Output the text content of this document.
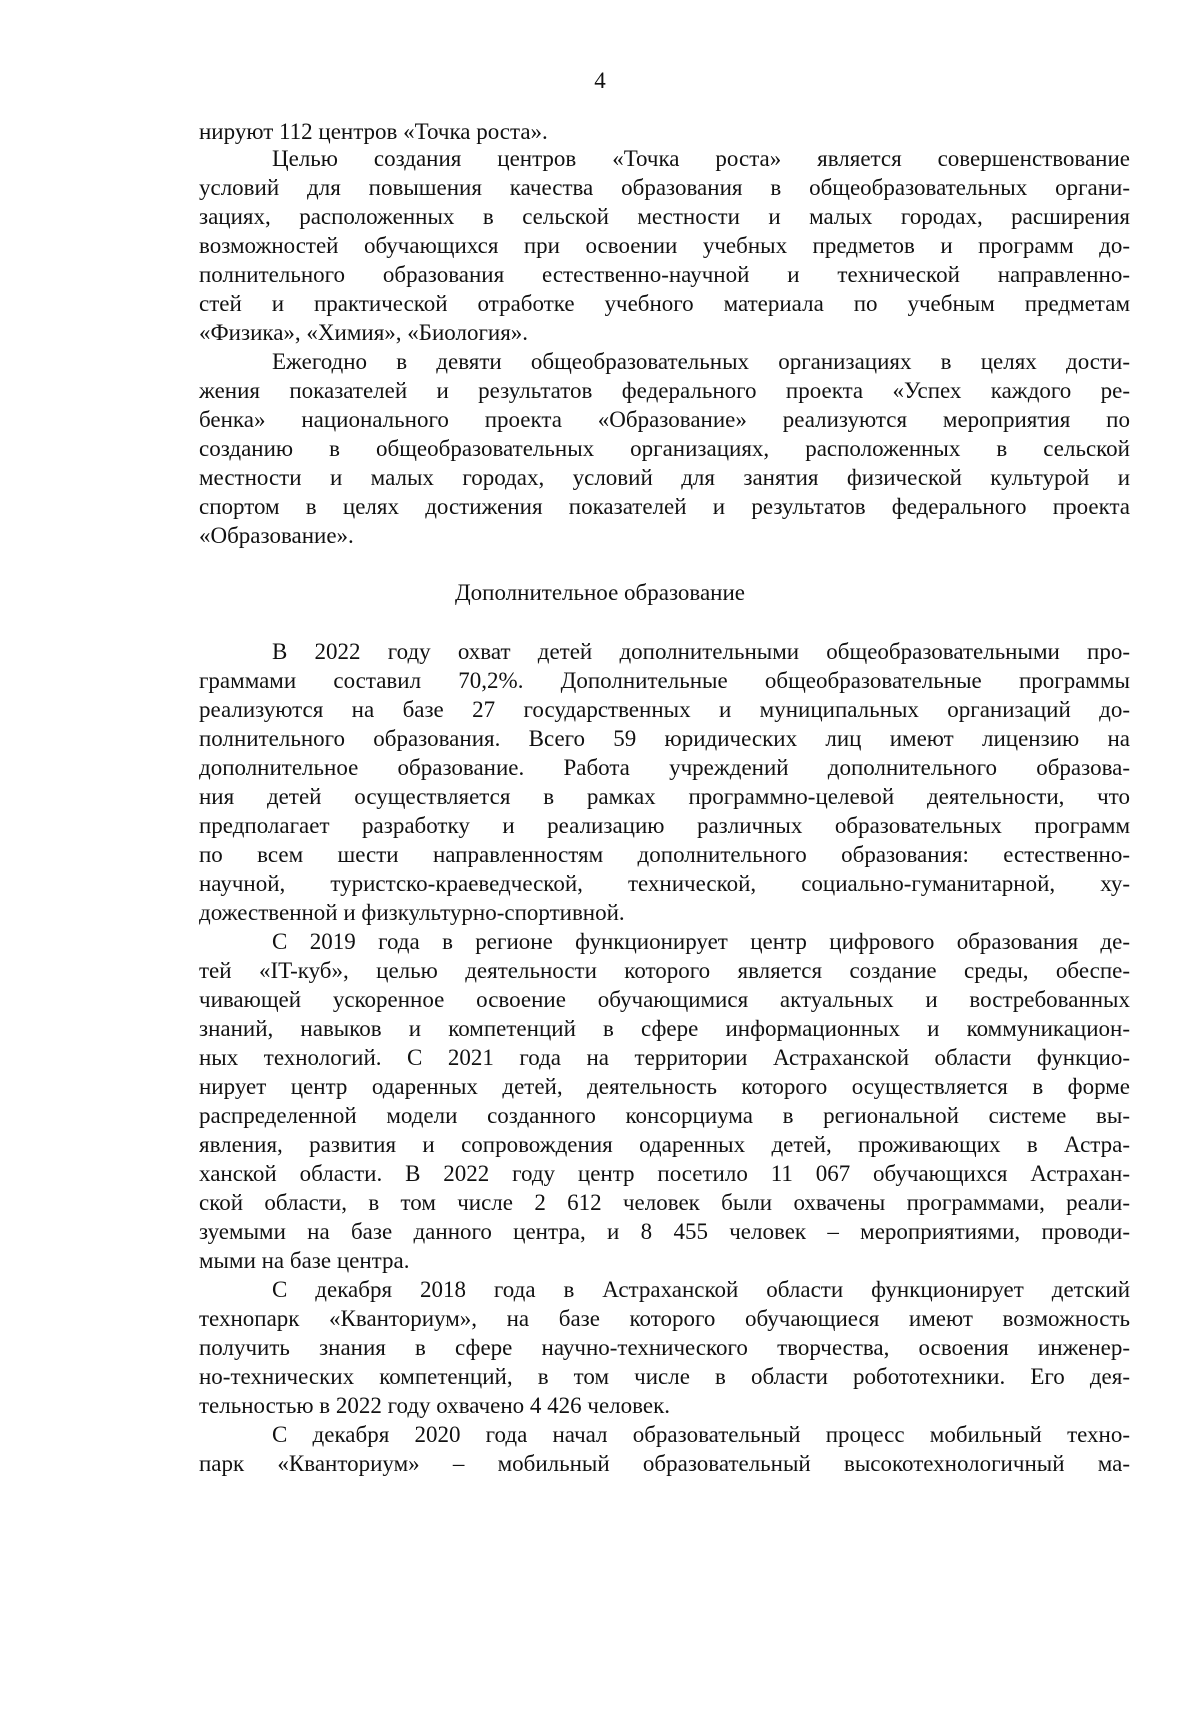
4
нируют 112 центров «Точка роста».
Целью создания центров «Точка роста» является совершенствование
условий для повышения качества образования в общеобразовательных органи-
зациях, расположенных в сельской местности и малых городах, расширения
возможностей обучающихся при освоении учебных предметов и программ до-
полнительного образования естественно-научной и технической направленно-
стей и практической отработке учебного материала по учебным предметам
«Физика», «Химия», «Биология».
Ежегодно в девяти общеобразовательных организациях в целях дости-
жения показателей и результатов федерального проекта «Успех каждого ре-
бенка» национального проекта «Образование» реализуются мероприятия по
созданию в общеобразовательных организациях, расположенных в сельской
местности и малых городах, условий для занятия физической культурой и
спортом в целях достижения показателей и результатов федерального проекта
«Образование».
Дополнительное образование
В 2022 году охват детей дополнительными общеобразовательными про-
граммами составил 70,2%. Дополнительные общеобразовательные программы
реализуются на базе 27 государственных и муниципальных организаций до-
полнительного образования. Всего 59 юридических лиц имеют лицензию на
дополнительное образование. Работа учреждений дополнительного образова-
ния детей осуществляется в рамках программно-целевой деятельности, что
предполагает разработку и реализацию различных образовательных программ
по всем шести направленностям дополнительного образования: естественно-
научной, туристско-краеведческой, технической, социально-гуманитарной, ху-
дожественной и физкультурно-спортивной.
С 2019 года в регионе функционирует центр цифрового образования де-
тей «IT-куб», целью деятельности которого является создание среды, обеспе-
чивающей ускоренное освоение обучающимися актуальных и востребованных
знаний, навыков и компетенций в сфере информационных и коммуникацион-
ных технологий. С 2021 года на территории Астраханской области функцио-
нирует центр одаренных детей, деятельность которого осуществляется в форме
распределенной модели созданного консорциума в региональной системе вы-
явления, развития и сопровождения одаренных детей, проживающих в Астра-
ханской области. В 2022 году центр посетило 11 067 обучающихся Астрахан-
ской области, в том числе 2 612 человек были охвачены программами, реали-
зуемыми на базе данного центра, и 8 455 человек – мероприятиями, проводи-
мыми на базе центра.
С декабря 2018 года в Астраханской области функционирует детский
технопарк «Кванториум», на базе которого обучающиеся имеют возможность
получить знания в сфере научно-технического творчества, освоения инженер-
но-технических компетенций, в том числе в области робототехники. Его дея-
тельностью в 2022 году охвачено 4 426 человек.
С декабря 2020 года начал образовательный процесс мобильный техно-
парк «Кванториум» – мобильный образовательный высокотехнологичный ма-
